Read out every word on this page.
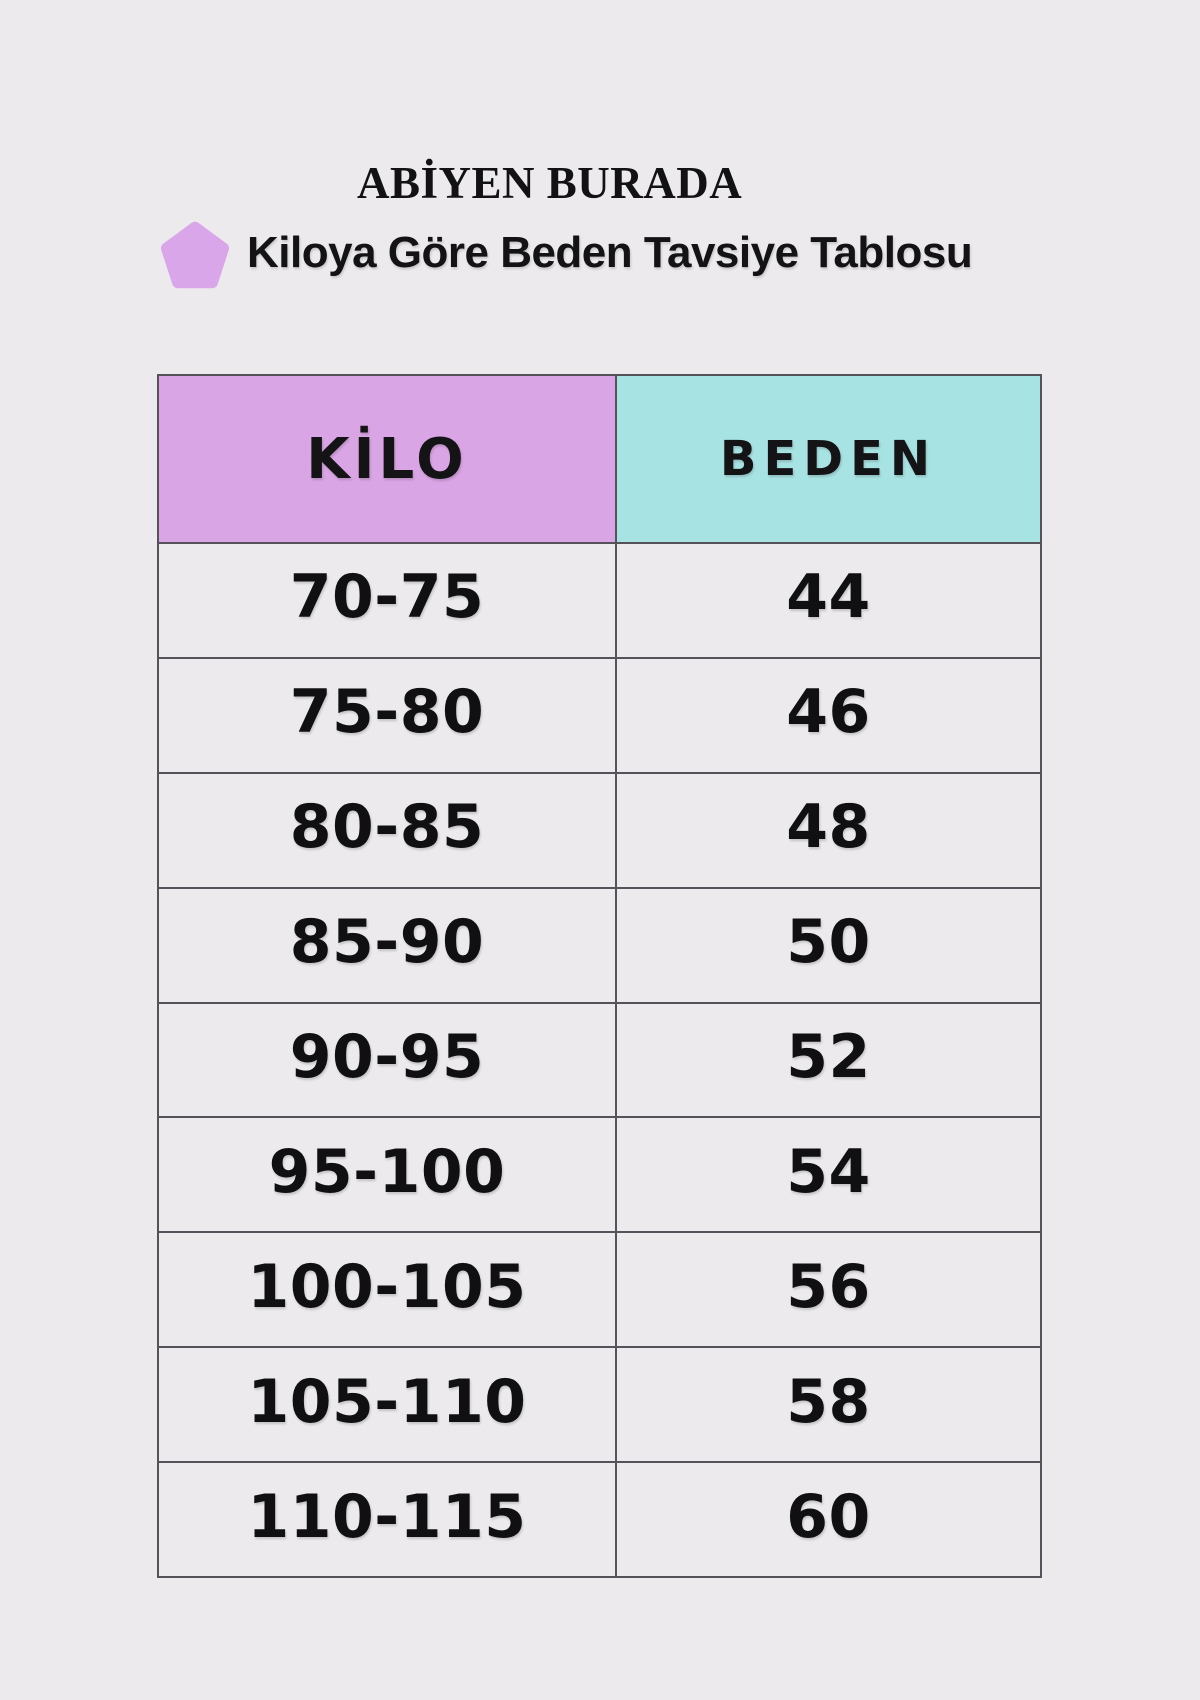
ABİYEN BURADA
Kiloya Göre Beden Tavsiye Tablosu
KİLO	BEDEN
70-75	44
75-80	46
80-85	48
85-90	50
90-95	52
95-100	54
100-105	56
105-110	58
110-115	60
